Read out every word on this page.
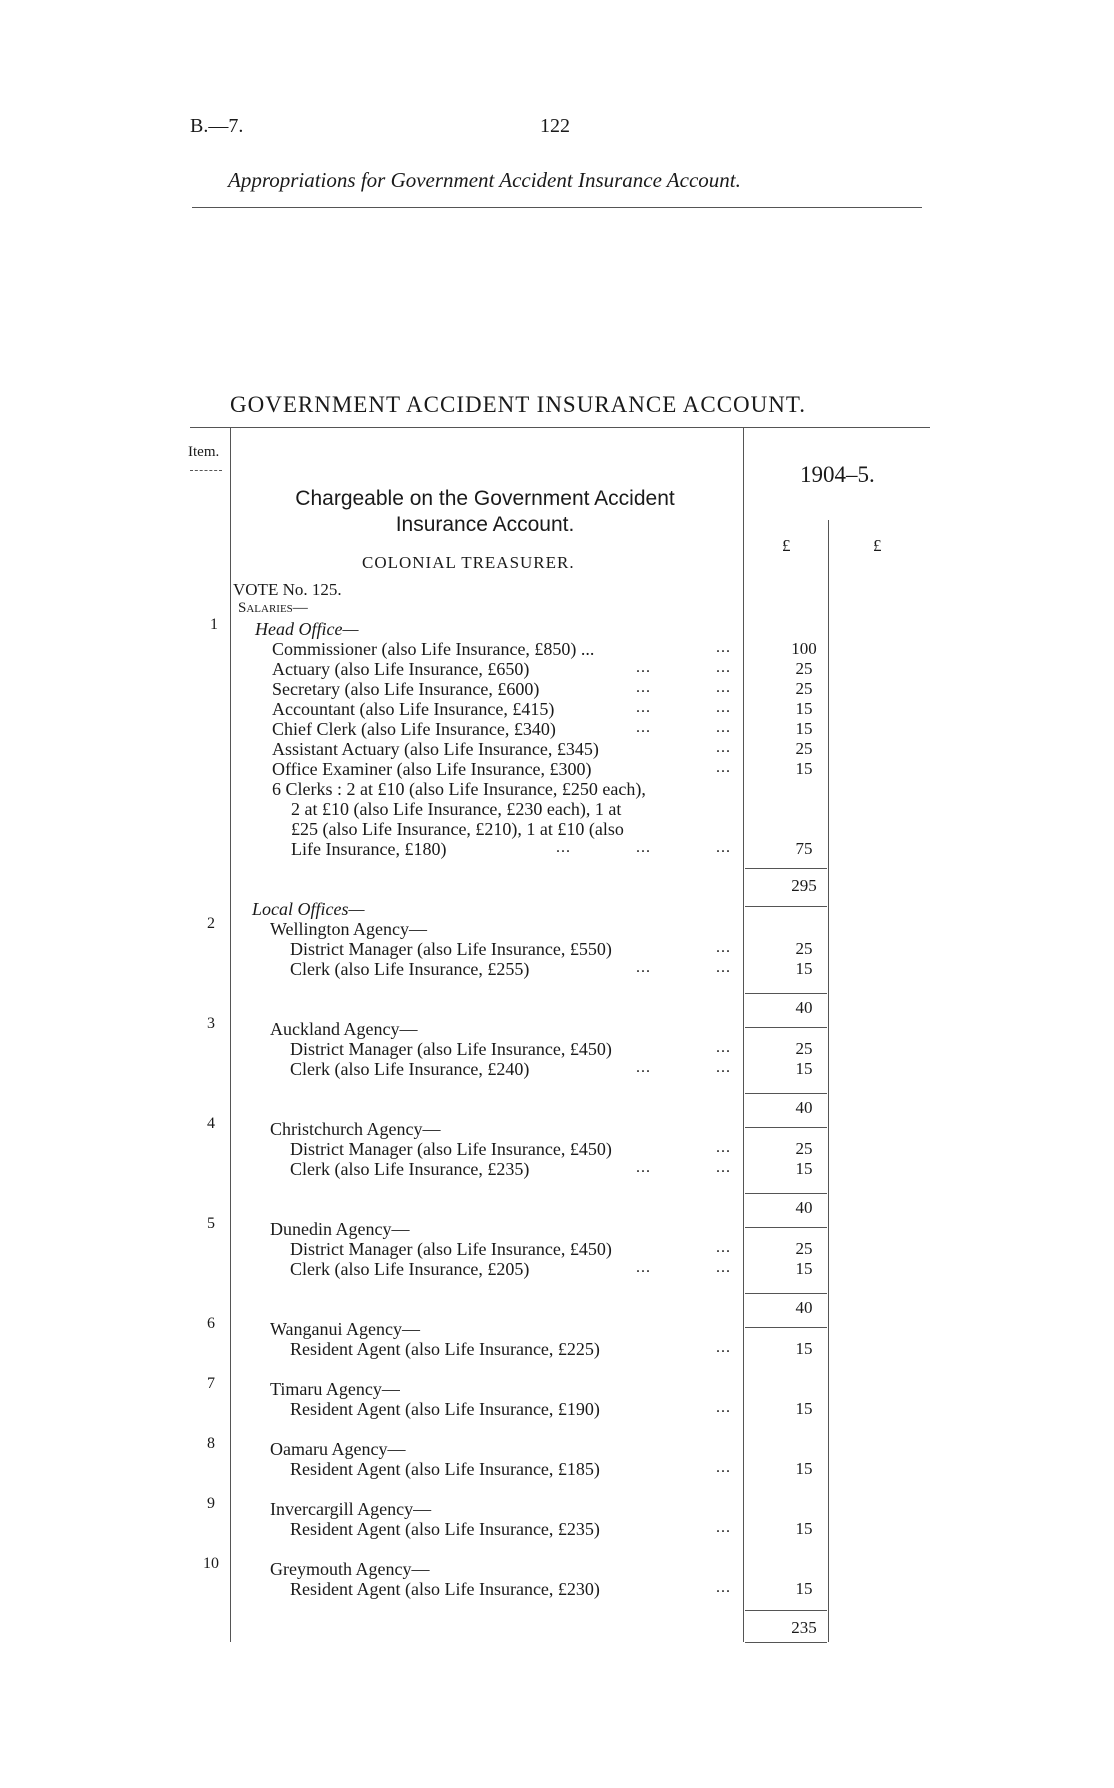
B.—7.	122
Appropriations for Government Accident Insurance Account.
GOVERNMENT ACCIDENT INSURANCE ACCOUNT.
Item.
1904–5.
£	£
Chargeable on the Government Accident Insurance Account.
COLONIAL TREASURER.
VOTE No. 125.
Salaries—
1	Head Office—
Commissioner (also Life Insurance, £850) ...	...	100
Actuary (also Life Insurance, £650)	...	...	25
Secretary (also Life Insurance, £600)	...	...	25
Accountant (also Life Insurance, £415)	...	...	15
Chief Clerk (also Life Insurance, £340)	...	...	15
Assistant Actuary (also Life Insurance, £345)	...	25
Office Examiner (also Life Insurance, £300)	...	15
6 Clerks : 2 at £10 (also Life Insurance, £250 each),
2 at £10 (also Life Insurance, £230 each), 1 at
£25 (also Life Insurance, £210), 1 at £10 (also
Life Insurance, £180)	...	...	...	75
295
Local Offices—
2	Wellington Agency—
District Manager (also Life Insurance, £550)	...	25
Clerk (also Life Insurance, £255)	...	...	15
40
3	Auckland Agency—
District Manager (also Life Insurance, £450)	...	25
Clerk (also Life Insurance, £240)	...	...	15
40
4	Christchurch Agency—
District Manager (also Life Insurance, £450)	...	25
Clerk (also Life Insurance, £235)	...	...	15
40
5	Dunedin Agency—
District Manager (also Life Insurance, £450)	...	25
Clerk (also Life Insurance, £205)	...	...	15
40
6	Wanganui Agency—
Resident Agent (also Life Insurance, £225)	...	15
7	Timaru Agency—
Resident Agent (also Life Insurance, £190)	...	15
8	Oamaru Agency—
Resident Agent (also Life Insurance, £185)	...	15
9	Invercargill Agency—
Resident Agent (also Life Insurance, £235)	...	15
10	Greymouth Agency—
Resident Agent (also Life Insurance, £230)	...	15
235
